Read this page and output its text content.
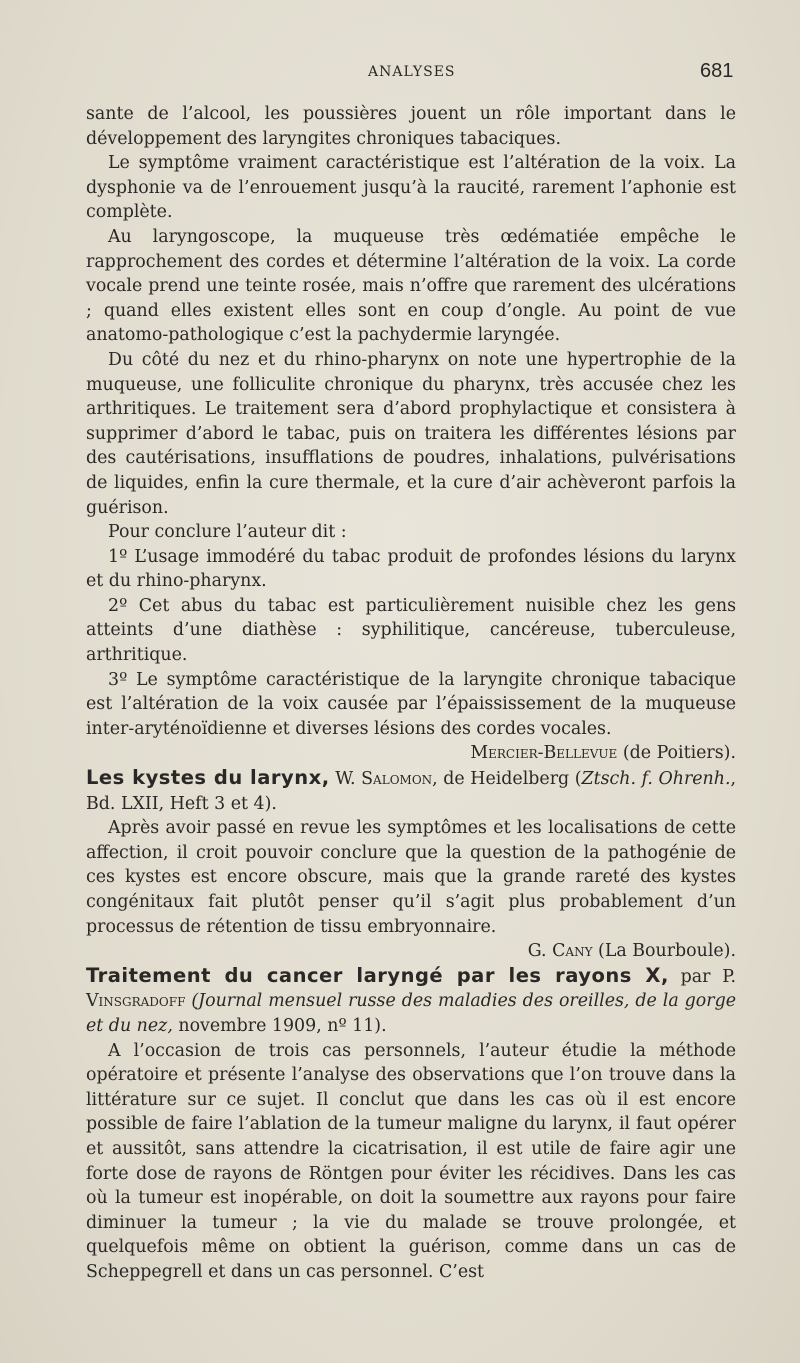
ANALYSES	681

sante de l’alcool, les poussières jouent un rôle important dans le développement des laryngites chroniques tabaciques.

Le symptôme vraiment caractéristique est l’altération de la voix. La dysphonie va de l’enrouement jusqu’à la raucité, rarement l’aphonie est complète.

Au laryngoscope, la muqueuse très œdématiée empêche le rapprochement des cordes et détermine l’altération de la voix. La corde vocale prend une teinte rosée, mais n’offre que rarement des ulcérations ; quand elles existent elles sont en coup d’ongle. Au point de vue anatomo-pathologique c’est la pachydermie laryngée.

Du côté du nez et du rhino-pharynx on note une hypertrophie de la muqueuse, une folliculite chronique du pharynx, très accusée chez les arthritiques. Le traitement sera d’abord prophylactique et consistera à supprimer d’abord le tabac, puis on traitera les différentes lésions par des cautérisations, insufflations de poudres, inhalations, pulvérisations de liquides, enfin la cure thermale, et la cure d’air achèveront parfois la guérison.

Pour conclure l’auteur dit :

1º L’usage immodéré du tabac produit de profondes lésions du larynx et du rhino-pharynx.

2º Cet abus du tabac est particulièrement nuisible chez les gens atteints d’une diathèse : syphilitique, cancéreuse, tuberculeuse, arthritique.

3º Le symptôme caractéristique de la laryngite chronique tabacique est l’altération de la voix causée par l’épaississement de la muqueuse inter-aryténoïdienne et diverses lésions des cordes vocales.

Mercier-Bellevue (de Poitiers).

Les kystes du larynx, W. Salomon, de Heidelberg (Ztsch. f. Ohrenh., Bd. LXII, Heft 3 et 4).

Après avoir passé en revue les symptômes et les localisations de cette affection, il croit pouvoir conclure que la question de la pathogénie de ces kystes est encore obscure, mais que la grande rareté des kystes congénitaux fait plutôt penser qu’il s’agit plus probablement d’un processus de rétention de tissu embryonnaire.

G. Cany (La Bourboule).

Traitement du cancer laryngé par les rayons X, par P. Vinsgradoff (Journal mensuel russe des maladies des oreilles, de la gorge et du nez, novembre 1909, nº 11).

A l’occasion de trois cas personnels, l’auteur étudie la méthode opératoire et présente l’analyse des observations que l’on trouve dans la littérature sur ce sujet. Il conclut que dans les cas où il est encore possible de faire l’ablation de la tumeur maligne du larynx, il faut opérer et aussitôt, sans attendre la cicatrisation, il est utile de faire agir une forte dose de rayons de Röntgen pour éviter les récidives. Dans les cas où la tumeur est inopérable, on doit la soumettre aux rayons pour faire diminuer la tumeur ; la vie du malade se trouve prolongée, et quelquefois même on obtient la guérison, comme dans un cas de Scheppegrell et dans un cas personnel. C’est
